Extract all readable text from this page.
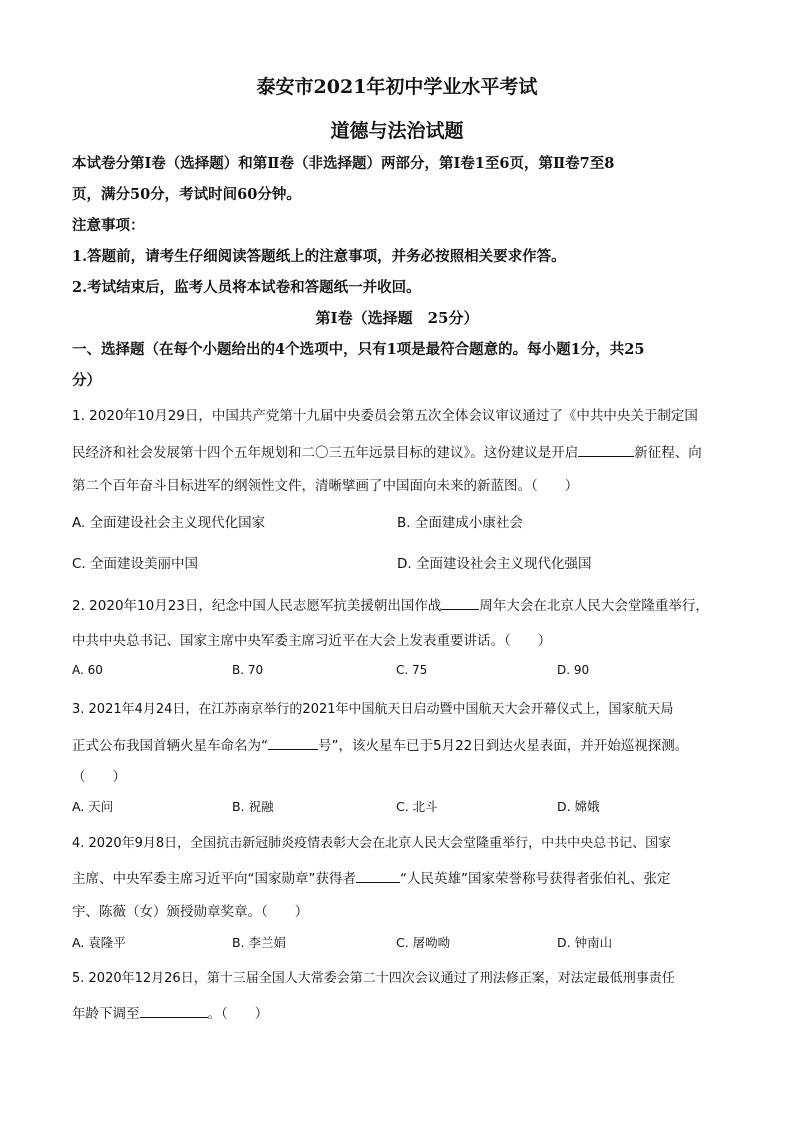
泰安市2021年初中学业水平考试
道德与法治试题
本试卷分第Ⅰ卷（选择题）和第Ⅱ卷（非选择题）两部分，第Ⅰ卷1至6页，第Ⅱ卷7至8
页，满分50分，考试时间60分钟。
注意事项：
1.答题前，请考生仔细阅读答题纸上的注意事项，并务必按照相关要求作答。
2.考试结束后，监考人员将本试卷和答题纸一并收回。
第Ⅰ卷（选择题　25分）
一、选择题（在每个小题给出的4个选项中，只有1项是最符合题意的。每小题1分，共25
分）
1. 2020年10月29日，中国共产党第十九届中央委员会第五次全体会议审议通过了《中共中央关于制定国
民经济和社会发展第十四个五年规划和二〇三五年远景目标的建议》。这份建议是开启	新征程、向
第二个百年奋斗目标进军的纲领性文件，清晰擘画了中国面向未来的新蓝图。（　　）
A. 全面建设社会主义现代化国家	B. 全面建成小康社会
C. 全面建设美丽中国	D. 全面建设社会主义现代化强国
2. 2020年10月23日，纪念中国人民志愿军抗美援朝出国作战	周年大会在北京人民大会堂隆重举行，
中共中央总书记、国家主席中央军委主席习近平在大会上发表重要讲话。（　　）
A. 60	B. 70	C. 75	D. 90
3. 2021年4月24日，在江苏南京举行的2021年中国航天日启动暨中国航天大会开幕仪式上，国家航天局
正式公布我国首辆火星车命名为“	号”，该火星车已于5月22日到达火星表面，并开始巡视探测。
（　　）
A. 天问	B. 祝融	C. 北斗	D. 嫦娥
4. 2020年9月8日，全国抗击新冠肺炎疫情表彰大会在北京人民大会堂隆重举行，中共中央总书记、国家
主席、中央军委主席习近平向“国家勋章”获得者	“人民英雄”国家荣誉称号获得者张伯礼、张定
宇、陈薇（女）颁授勋章奖章。（　　）
A. 袁隆平	B. 李兰娟	C. 屠呦呦	D. 钟南山
5. 2020年12月26日，第十三届全国人大常委会第二十四次会议通过了刑法修正案，对法定最低刑事责任
年龄下调至	。（　　）
